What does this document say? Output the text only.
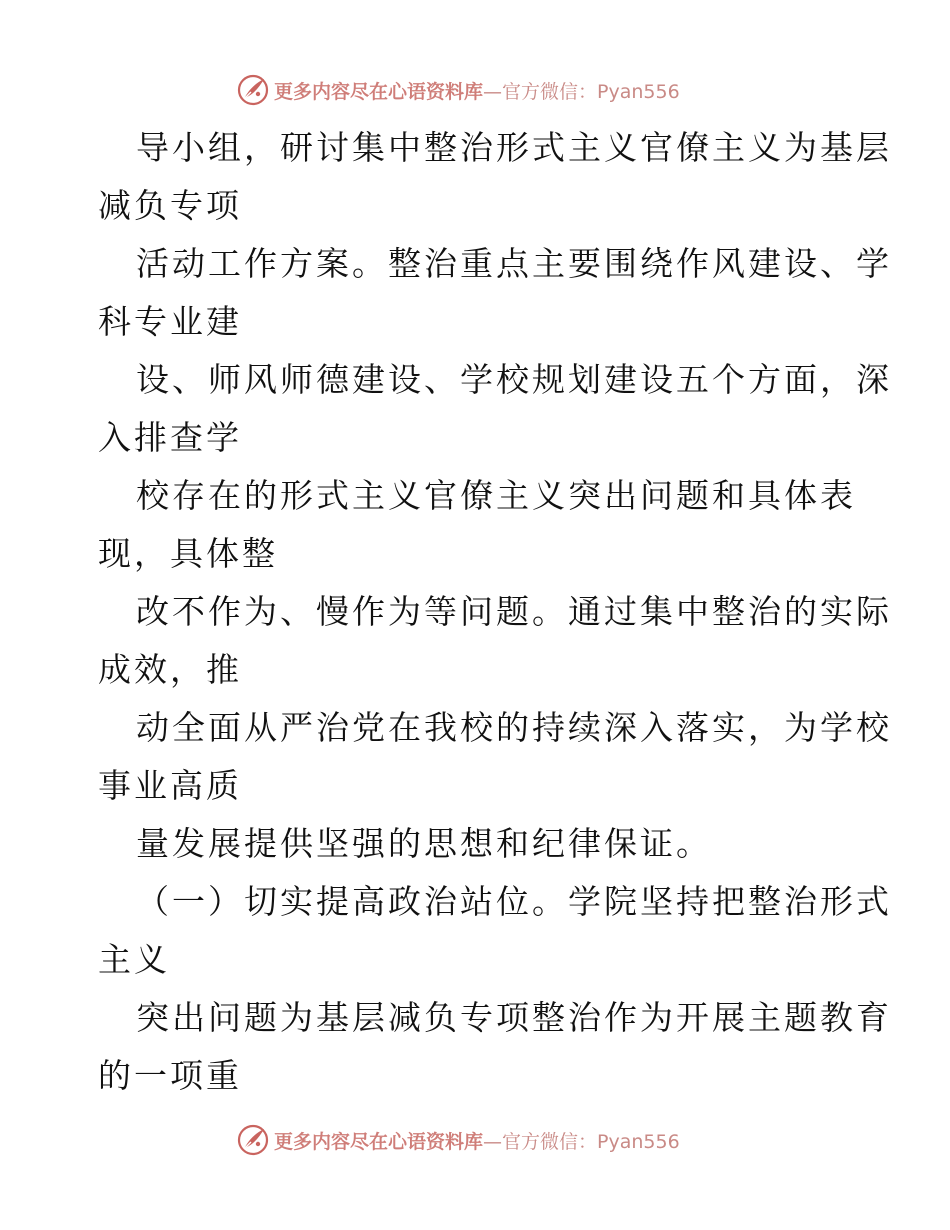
更多内容尽在心语资料库—官方微信：Pyan556
导小组，研讨集中整治形式主义官僚主义为基层
减负专项
活动工作方案。整治重点主要围绕作风建设、学
科专业建
设、师风师德建设、学校规划建设五个方面，深
入排查学
校存在的形式主义官僚主义突出问题和具体表
现，具体整
改不作为、慢作为等问题。通过集中整治的实际
成效，推
动全面从严治党在我校的持续深入落实，为学校
事业高质
量发展提供坚强的思想和纪律保证。
（一）切实提高政治站位。学院坚持把整治形式
主义
突出问题为基层减负专项整治作为开展主题教育
的一项重
更多内容尽在心语资料库—官方微信：Pyan556
